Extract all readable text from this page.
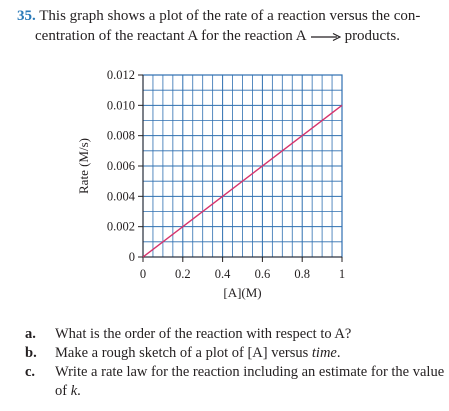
35. This graph shows a plot of the rate of a reaction versus the con-
centration of the reactant A for the reaction A → products.
0
0.002
0.004
0.006
0.008
0.010
0.012
0 0.2 0.4 0.6 0.8 1
[A](M)
Rate (M/s)
a.	What is the order of the reaction with respect to A?
b.	Make a rough sketch of a plot of [A] versus time.
c.	Write a rate law for the reaction including an estimate for the value of k.
